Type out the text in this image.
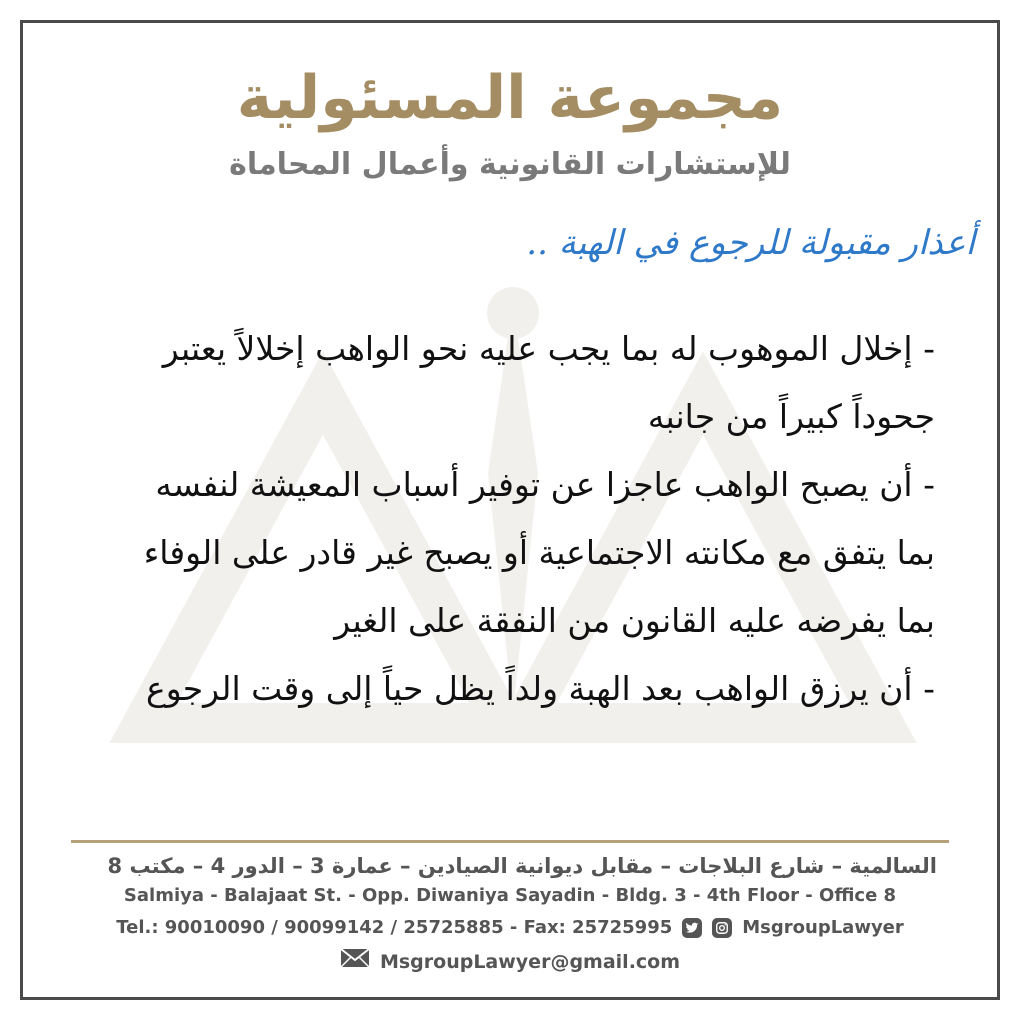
مجموعة المسئولية
للإستشارات القانونية وأعمال المحاماة
أعذار مقبولة للرجوع في الهبة ..

- إخلال الموهوب له بما يجب عليه نحو الواهب إخلالاً يعتبر

جحوداً كبيراً من جانبه

- أن يصبح الواهب عاجزا عن توفير أسباب المعيشة لنفسه

بما يتفق مع مكانته الاجتماعية أو يصبح غير قادر على الوفاء

بما يفرضه عليه القانون من النفقة على الغير

- أن يرزق الواهب بعد الهبة ولداً يظل حياً إلى وقت الرجوع

السالمية – شارع البلاجات – مقابل ديوانية الصيادين – عمارة 3 – الدور 4 – مكتب 8
Salmiya - Balajaat St. - Opp. Diwaniya Sayadin - Bldg. 3 - 4th Floor - Office 8
Tel.: 90010090 / 90099142 / 25725885 - Fax: 25725995	MsgroupLawyer
MsgroupLawyer@gmail.com
